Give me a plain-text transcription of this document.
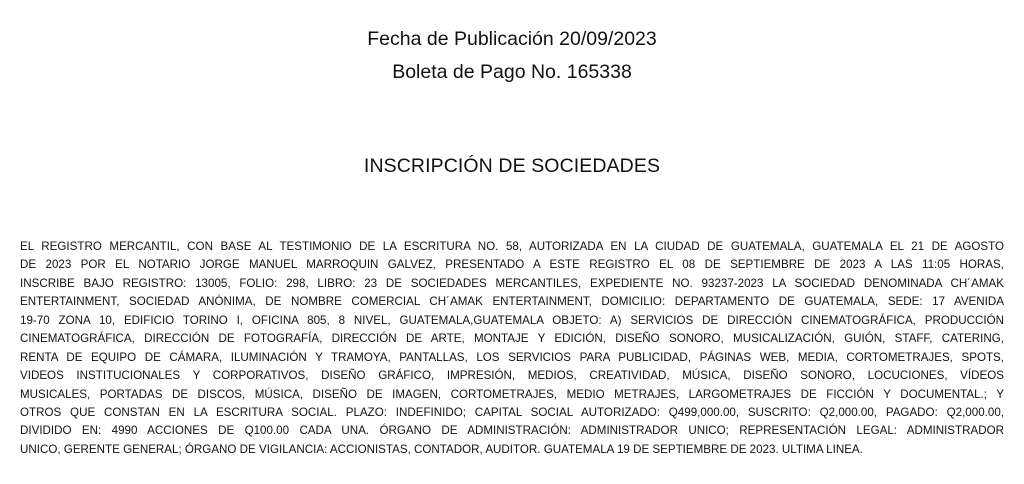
Fecha de Publicación 20/09/2023
Boleta de Pago No. 165338
INSCRIPCIÓN DE SOCIEDADES
EL REGISTRO MERCANTIL, CON BASE AL TESTIMONIO DE LA ESCRITURA NO. 58, AUTORIZADA EN LA CIUDAD DE GUATEMALA, GUATEMALA EL 21 DE AGOSTO
DE 2023 POR EL NOTARIO JORGE MANUEL MARROQUIN GALVEZ, PRESENTADO A ESTE REGISTRO EL 08 DE SEPTIEMBRE DE 2023 A LAS 11:05 HORAS,
INSCRIBE BAJO REGISTRO: 13005, FOLIO: 298, LIBRO: 23 DE SOCIEDADES MERCANTILES, EXPEDIENTE NO. 93237-2023 LA SOCIEDAD DENOMINADA CH´AMAK
ENTERTAINMENT, SOCIEDAD ANÓNIMA, DE NOMBRE COMERCIAL CH´AMAK ENTERTAINMENT, DOMICILIO: DEPARTAMENTO DE GUATEMALA, SEDE: 17 AVENIDA
19-70 ZONA 10, EDIFICIO TORINO I, OFICINA 805, 8 NIVEL, GUATEMALA,GUATEMALA OBJETO: A) SERVICIOS DE DIRECCIÓN CINEMATOGRÁFICA, PRODUCCIÓN
CINEMATOGRÁFICA, DIRECCIÓN DE FOTOGRAFÍA, DIRECCIÓN DE ARTE, MONTAJE Y EDICIÓN, DISEÑO SONORO, MUSICALIZACIÓN, GUIÓN, STAFF, CATERING,
RENTA DE EQUIPO DE CÁMARA, ILUMINACIÓN Y TRAMOYA, PANTALLAS, LOS SERVICIOS PARA PUBLICIDAD, PÁGINAS WEB, MEDIA, CORTOMETRAJES, SPOTS,
VIDEOS INSTITUCIONALES Y CORPORATIVOS, DISEÑO GRÁFICO, IMPRESIÓN, MEDIOS, CREATIVIDAD, MÚSICA, DISEÑO SONORO, LOCUCIONES, VÍDEOS
MUSICALES, PORTADAS DE DISCOS, MÚSICA, DISEÑO DE IMAGEN, CORTOMETRAJES, MEDIO METRAJES, LARGOMETRAJES DE FICCIÓN Y DOCUMENTAL.; Y
OTROS QUE CONSTAN EN LA ESCRITURA SOCIAL. PLAZO: INDEFINIDO; CAPITAL SOCIAL AUTORIZADO: Q499,000.00, SUSCRITO: Q2,000.00, PAGADO: Q2,000.00,
DIVIDIDO EN: 4990 ACCIONES DE Q100.00 CADA UNA. ÓRGANO DE ADMINISTRACIÓN: ADMINISTRADOR UNICO; REPRESENTACIÓN LEGAL: ADMINISTRADOR
UNICO, GERENTE GENERAL; ÓRGANO DE VIGILANCIA: ACCIONISTAS, CONTADOR, AUDITOR. GUATEMALA 19 DE SEPTIEMBRE DE 2023. ULTIMA LINEA.
